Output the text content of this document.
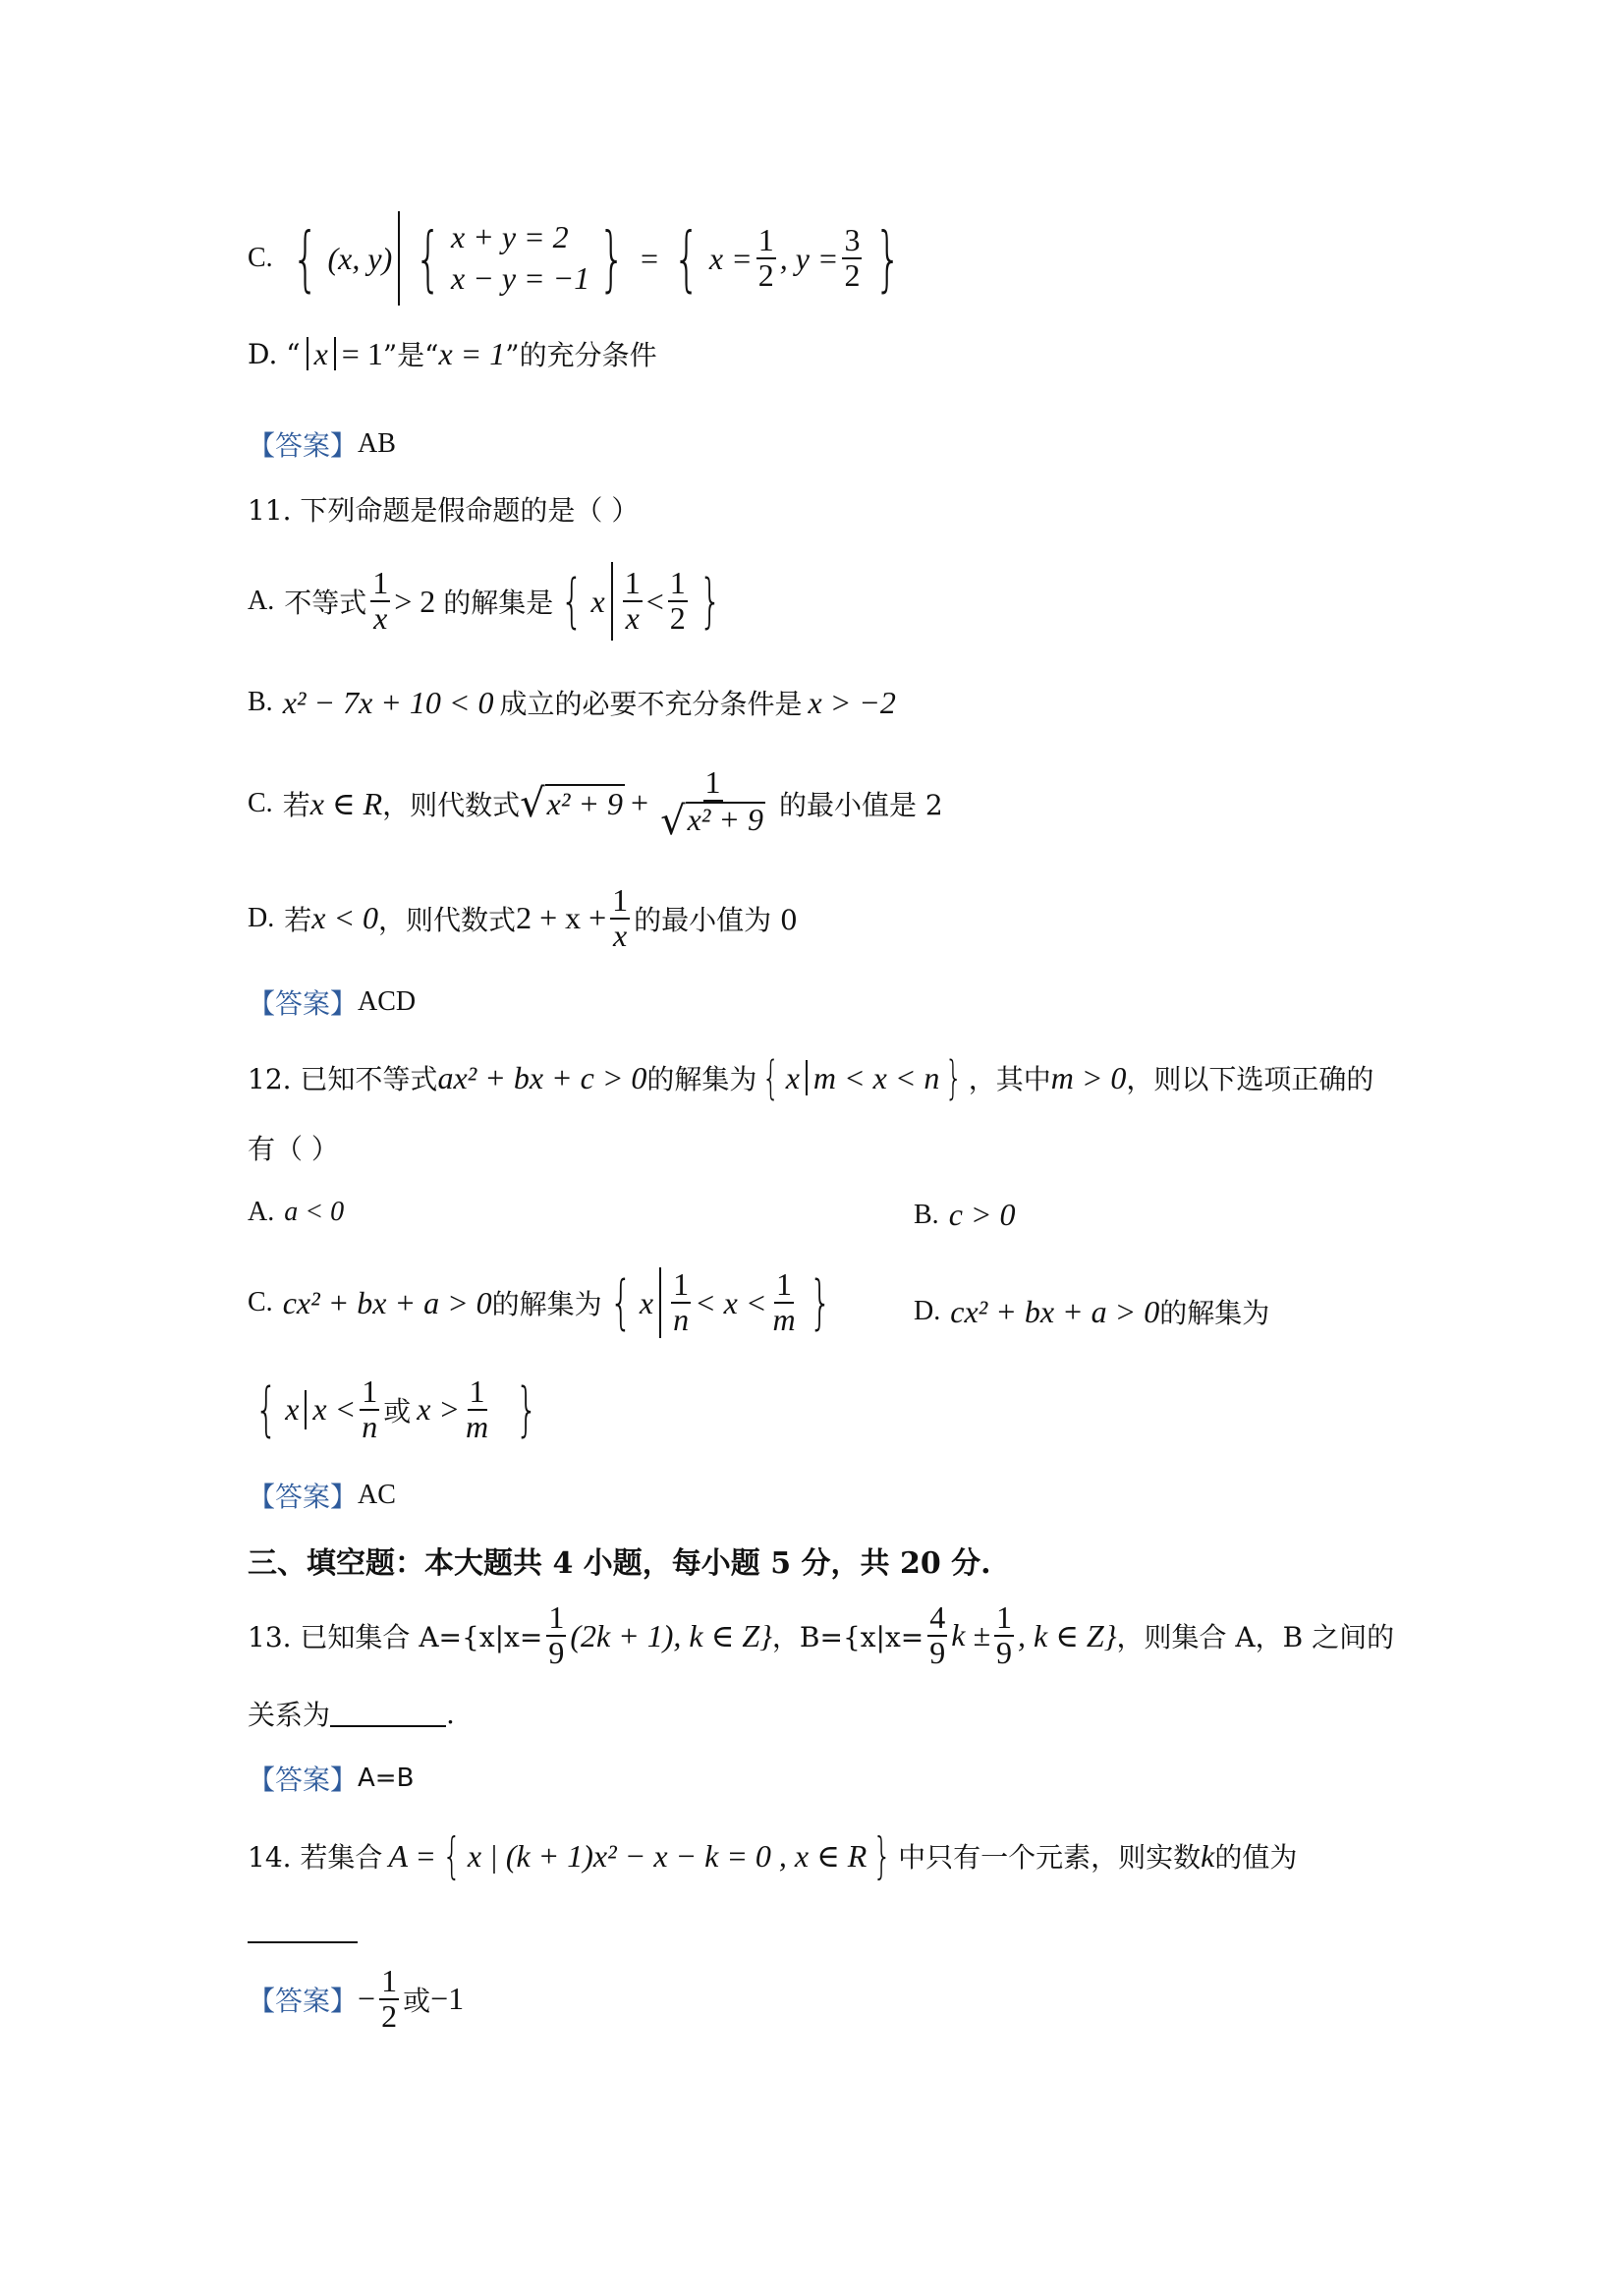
C. { (x, y) { x + y = 2
x − y = −1 } = { $x = \frac{1}{2}$ , $y = \frac{3}{2}$ }
D. “ x = 1 ”是“ x = 1 ”的充分条件
【答案】 AB
11. 下列命题是假命题的是（ ）
A. 不等式 $\frac{1}{x} > 2$ 的解集是 { x $\frac{1}{x} < \frac{1}{2}$ }
B. x² − 7x + 10 < 0 成立的必要不充分条件是 x > −2
C. 若 x ∈ R ，则代数式 √ $x^2 + 9 + \frac{1}{\text{√ x² + 9}}$ 的最小值是 2
D. 若 x < 0 ，则代数式 $2 + x + \frac{1}{x}$ 的最小值为 0
【答案】 ACD
12. 已知不等式 ax² + bx + c > 0 的解集为 { x m < x < n } ，其中 m > 0 ，则以下选项正确的
有（ ）
A. a < 0	B. c > 0
C. cx² + bx + a > 0 的解集为 { x $\frac{1}{n} < x < \frac{1}{m}$ }	D. cx² + bx + a > 0 的解集为
{ x $x < \frac{1}{n}$ 或 $x > \frac{1}{m}$ }
【答案】 AC
三、填空题：本大题共 4 小题，每小题 5 分，共 20 分.
13. 已知集合 $A=\{x|x= \frac{1}{9} (2k + 1)$, k ∈ Z} ，$B=\{x|x= \frac{4}{9}$ $k \pm \frac{1}{9}$ , k ∈ Z} ，则集合 A，B 之间的
关系为	.
【答案】 A=B
14. 若集合 A = { x | (k + 1)x² − x − k = 0 , x ∈ R } 中只有一个元素，则实数 k 的值为
【答案】 − $\frac{1}{2}$ 或 −1
